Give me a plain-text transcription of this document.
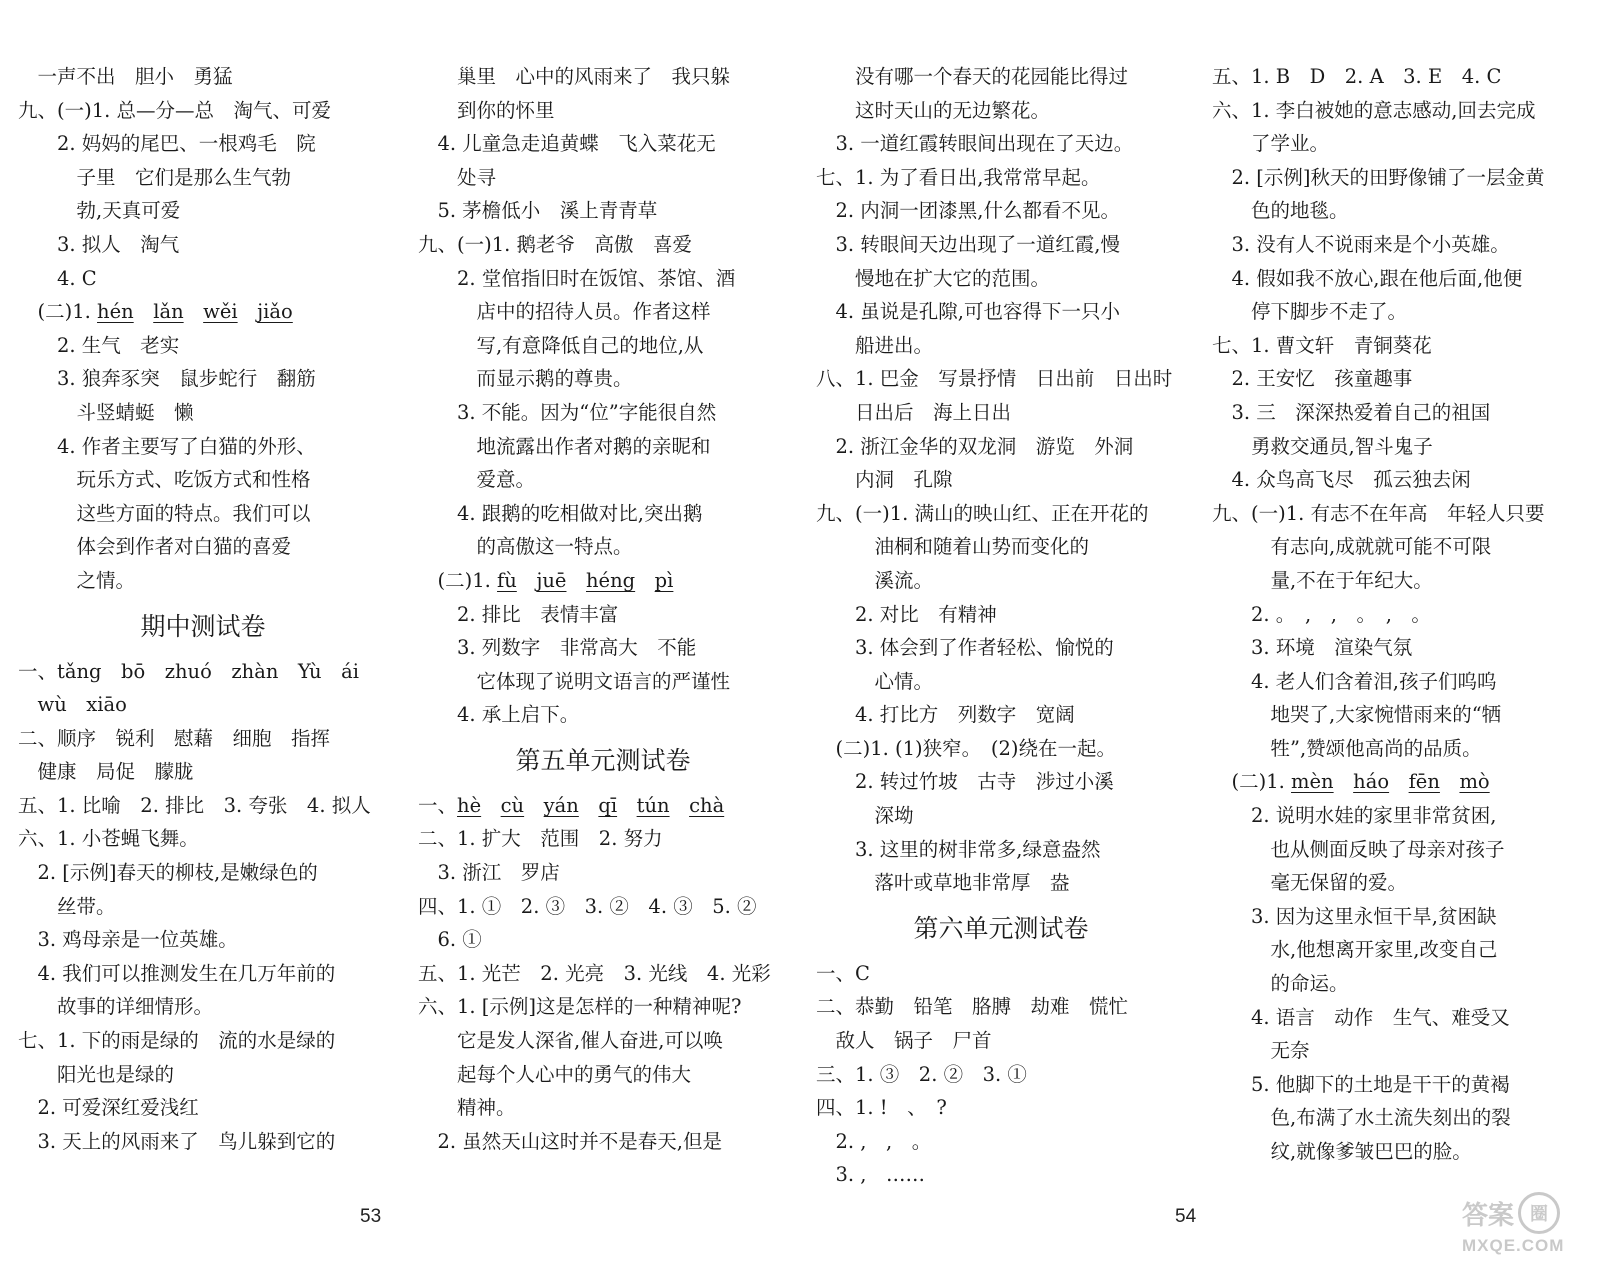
　一声不出　胆小　勇猛
九、(一)1. 总—分—总　淘气、可爱
　　2. 妈妈的尾巴、一根鸡毛　院
　　　子里　它们是那么生气勃
　　　勃,天真可爱
　　3. 拟人　淘气
　　4. C
　(二)1. hén　 lǎn　 wěi　 jiǎo
　　2. 生气　老实
　　3. 狼奔豕突　鼠步蛇行　翻筋
　　　斗竖蜻蜓　懒
　　4. 作者主要写了白猫的外形、
　　　玩乐方式、吃饭方式和性格
　　　这些方面的特点。我们可以
　　　体会到作者对白猫的喜爱
　　　之情。
期中测试卷
一、tǎng　bō　zhuó　zhàn　Yù　ái
　wù　xiāo
二、顺序　锐利　慰藉　细胞　指挥
　健康　局促　朦胧
五、1. 比喻　2. 排比　3. 夸张　4. 拟人
六、1. 小苍蝇飞舞。
　2. [示例]春天的柳枝,是嫩绿色的
　　丝带。
　3. 鸡母亲是一位英雄。
　4. 我们可以推测发生在几万年前的
　　故事的详细情形。
七、1. 下的雨是绿的　流的水是绿的
　　阳光也是绿的
　2. 可爱深红爱浅红
　3. 天上的风雨来了　鸟儿躲到它的
　　巢里　心中的风雨来了　我只躲
　　到你的怀里
　4. 儿童急走追黄蝶　飞入菜花无
　　处寻
　5. 茅檐低小　溪上青青草
九、(一)1. 鹅老爷　高傲　喜爱
　　2. 堂倌指旧时在饭馆、茶馆、酒
　　　店中的招待人员。作者这样
　　　写,有意降低自己的地位,从
　　　而显示鹅的尊贵。
　　3. 不能。因为“位”字能很自然
　　　地流露出作者对鹅的亲昵和
　　　爱意。
　　4. 跟鹅的吃相做对比,突出鹅
　　　的高傲这一特点。
　(二)1. fù　 juē　 héng　 pì
　　2. 排比　表情丰富
　　3. 列数字　非常高大　不能
　　　它体现了说明文语言的严谨性
　　4. 承上启下。
第五单元测试卷
一、hè　 cù　 yán　 qī　 tún　 chà
二、1. 扩大　范围　2. 努力
　3. 浙江　罗店
四、1. ①　2. ③　3. ②　4. ③　5. ②
　6. ①
五、1. 光芒　2. 光亮　3. 光线　4. 光彩
六、1. [示例]这是怎样的一种精神呢?
　　它是发人深省,催人奋进,可以唤
　　起每个人心中的勇气的伟大
　　精神。
　2. 虽然天山这时并不是春天,但是
　　没有哪一个春天的花园能比得过
　　这时天山的无边繁花。
　3. 一道红霞转眼间出现在了天边。
七、1. 为了看日出,我常常早起。
　2. 内洞一团漆黑,什么都看不见。
　3. 转眼间天边出现了一道红霞,慢
　　慢地在扩大它的范围。
　4. 虽说是孔隙,可也容得下一只小
　　船进出。
八、1. 巴金　写景抒情　日出前　日出时
　　日出后　海上日出
　2. 浙江金华的双龙洞　游览　外洞
　　内洞　孔隙
九、(一)1. 满山的映山红、正在开花的
　　　油桐和随着山势而变化的
　　　溪流。
　　2. 对比　有精神
　　3. 体会到了作者轻松、愉悦的
　　　心情。
　　4. 打比方　列数字　宽阔
　(二)1. (1)狭窄。　(2)绕在一起。
　　2. 转过竹坡　古寺　涉过小溪
　　　深坳
　　3. 这里的树非常多,绿意盎然
　　　落叶或草地非常厚　盎
第六单元测试卷
一、C
二、恭勤　铅笔　胳膊　劫难　慌忙
　敌人　锅子　尸首
三、1. ③　2. ②　3. ①
四、1. !　、　?
　2. ,　,　。
　3. ,　……
五、1. B　D　2. A　3. E　4. C
六、1. 李白被她的意志感动,回去完成
　　了学业。
　2. [示例]秋天的田野像铺了一层金黄
　　色的地毯。
　3. 没有人不说雨来是个小英雄。
　4. 假如我不放心,跟在他后面,他便
　　停下脚步不走了。
七、1. 曹文轩　青铜葵花
　2. 王安忆　孩童趣事
　3. 三　深深热爱着自己的祖国
　　勇救交通员,智斗鬼子
　4. 众鸟高飞尽　孤云独去闲
九、(一)1. 有志不在年高　年轻人只要
　　　有志向,成就就可能不可限
　　　量,不在于年纪大。
　　2. 。　,　,　。　,　。
　　3. 环境　渲染气氛
　　4. 老人们含着泪,孩子们呜呜
　　　地哭了,大家惋惜雨来的“牺
　　　牲”,赞颂他高尚的品质。
　(二)1. mèn　 háo　 fēn　 mò
　　2. 说明水娃的家里非常贫困,
　　　也从侧面反映了母亲对孩子
　　　毫无保留的爱。
　　3. 因为这里永恒干旱,贫困缺
　　　水,他想离开家里,改变自己
　　　的命运。
　　4. 语言　动作　生气、难受又
　　　无奈
　　5. 他脚下的土地是干干的黄褐
　　　色,布满了水土流失刻出的裂
　　　纹,就像爹皱巴巴的脸。
53	54	答案 圈
MXQE.COM
